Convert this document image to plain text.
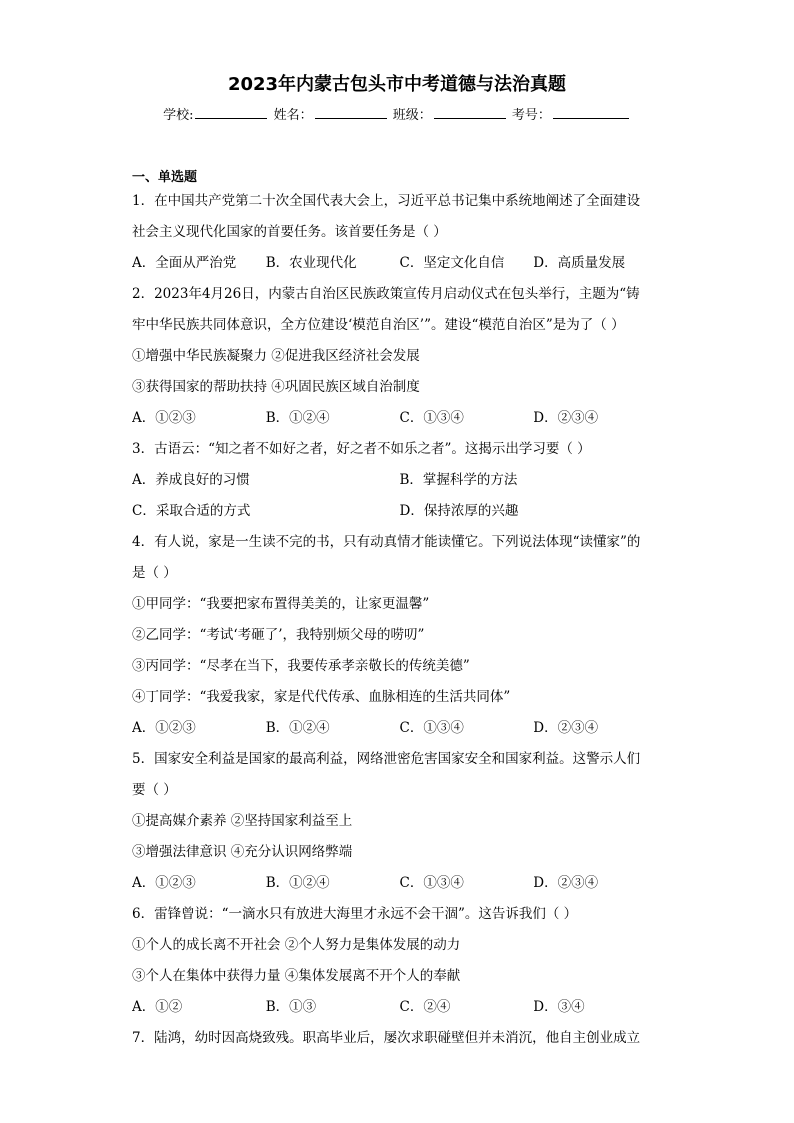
2023年内蒙古包头市中考道德与法治真题
学校:	姓名：	班级：	考号：
一、单选题
1．在中国共产党第二十次全国代表大会上，习近平总书记集中系统地阐述了全面建设
社会主义现代化国家的首要任务。该首要任务是（ ）
A．全面从严治党	B．农业现代化	C．坚定文化自信	D．高质量发展
2．2023年4月26日，内蒙古自治区民族政策宣传月启动仪式在包头举行，主题为“铸
牢中华民族共同体意识，全方位建设‘模范自治区’”。建设“模范自治区”是为了（ ）
①增强中华民族凝聚力 ②促进我区经济社会发展
③获得国家的帮助扶持 ④巩固民族区域自治制度
A．①②③	B．①②④	C．①③④	D．②③④
3．古语云：“知之者不如好之者，好之者不如乐之者”。这揭示出学习要（ ）
A．养成良好的习惯	B．掌握科学的方法
C．采取合适的方式	D．保持浓厚的兴趣
4．有人说，家是一生读不完的书，只有动真情才能读懂它。下列说法体现“读懂家”的
是（ ）
①甲同学：“我要把家布置得美美的，让家更温馨”
②乙同学：“考试‘考砸了’，我特别烦父母的唠叨”
③丙同学：“尽孝在当下，我要传承孝亲敬长的传统美德”
④丁同学：“我爱我家，家是代代传承、血脉相连的生活共同体”
A．①②③	B．①②④	C．①③④	D．②③④
5．国家安全利益是国家的最高利益，网络泄密危害国家安全和国家利益。这警示人们
要（ ）
①提高媒介素养 ②坚持国家利益至上
③增强法律意识 ④充分认识网络弊端
A．①②③	B．①②④	C．①③④	D．②③④
6．雷锋曾说：“一滴水只有放进大海里才永远不会干涸”。这告诉我们（ ）
①个人的成长离不开社会 ②个人努力是集体发展的动力
③个人在集体中获得力量 ④集体发展离不开个人的奉献
A．①②	B．①③	C．②④	D．③④
7．陆鸿，幼时因高烧致残。职高毕业后，屡次求职碰壁但并未消沉，他自主创业成立
